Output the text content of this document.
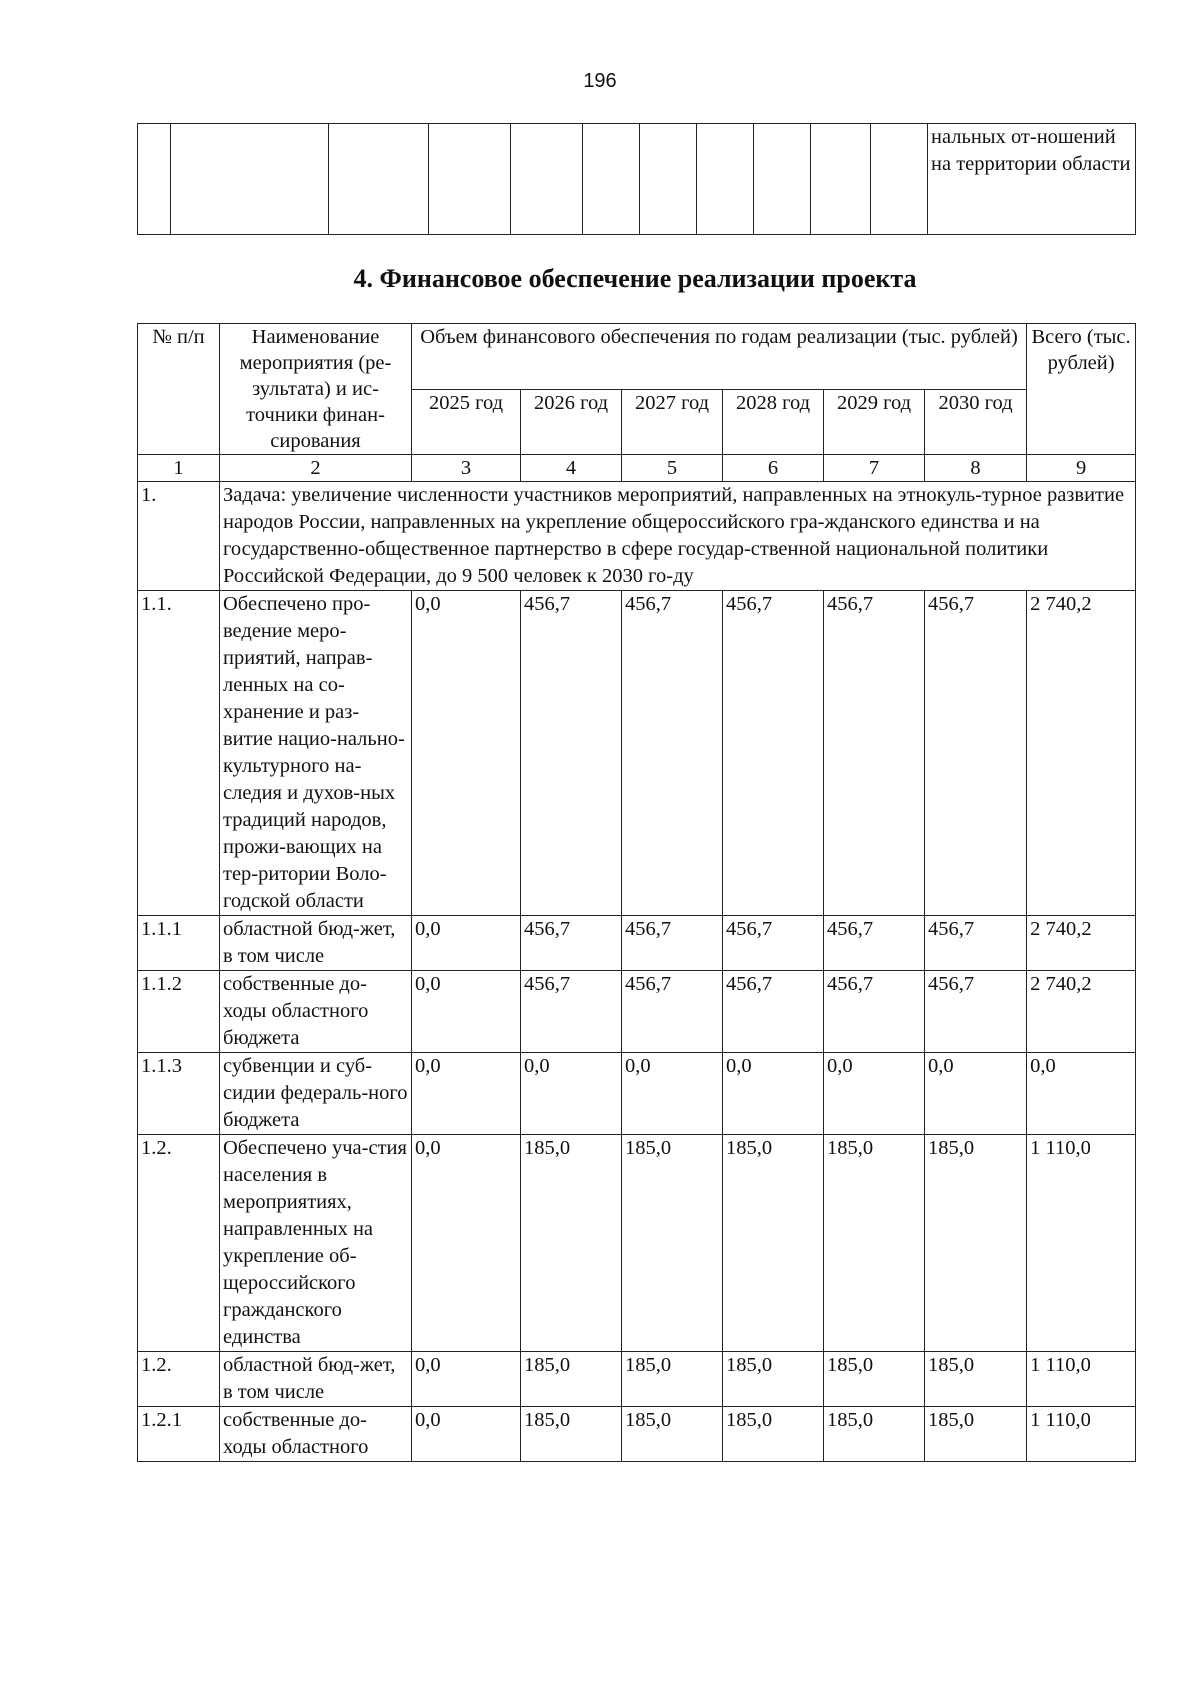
196
											нальных от-ношений на территории области
4. Финансовое обеспечение реализации проекта
№ п/п	Наименование мероприятия (ре-зультата) и ис-точники финан-сирования	Объем финансового обеспечения по годам реализации (тыс. рублей)						Всего (тыс. рублей)
		2025 год	2026 год	2027 год	2028 год	2029 год	2030 год	
1	2	3	4	5	6	7	8	9
1.	Задача: увеличение численности участников мероприятий, направленных на этнокуль-турное развитие народов России, направленных на укрепление общероссийского гра-жданского единства и на государственно-общественное партнерство в сфере государ-ственной национальной политики Российской Федерации, до 9 500 человек к 2030 го-ду							
1.1.	Обеспечено про-ведение меро-приятий, направ-ленных на со-хранение и раз-витие нацио-нально-культурного на-следия и духов-ных традиций народов, прожи-вающих на тер-ритории Воло-годской области	0,0	456,7	456,7	456,7	456,7	456,7	2 740,2
1.1.1	областной бюд-жет, в том числе	0,0	456,7	456,7	456,7	456,7	456,7	2 740,2
1.1.2	собственные до-ходы областного бюджета	0,0	456,7	456,7	456,7	456,7	456,7	2 740,2
1.1.3	субвенции и суб-сидии федераль-ного бюджета	0,0	0,0	0,0	0,0	0,0	0,0	0,0
1.2.	Обеспечено уча-стия населения в мероприятиях, направленных на укрепление об-щероссийского гражданского единства	0,0	185,0	185,0	185,0	185,0	185,0	1 110,0
1.2.	областной бюд-жет, в том числе	0,0	185,0	185,0	185,0	185,0	185,0	1 110,0
1.2.1	собственные до-ходы областного	0,0	185,0	185,0	185,0	185,0	185,0	1 110,0
